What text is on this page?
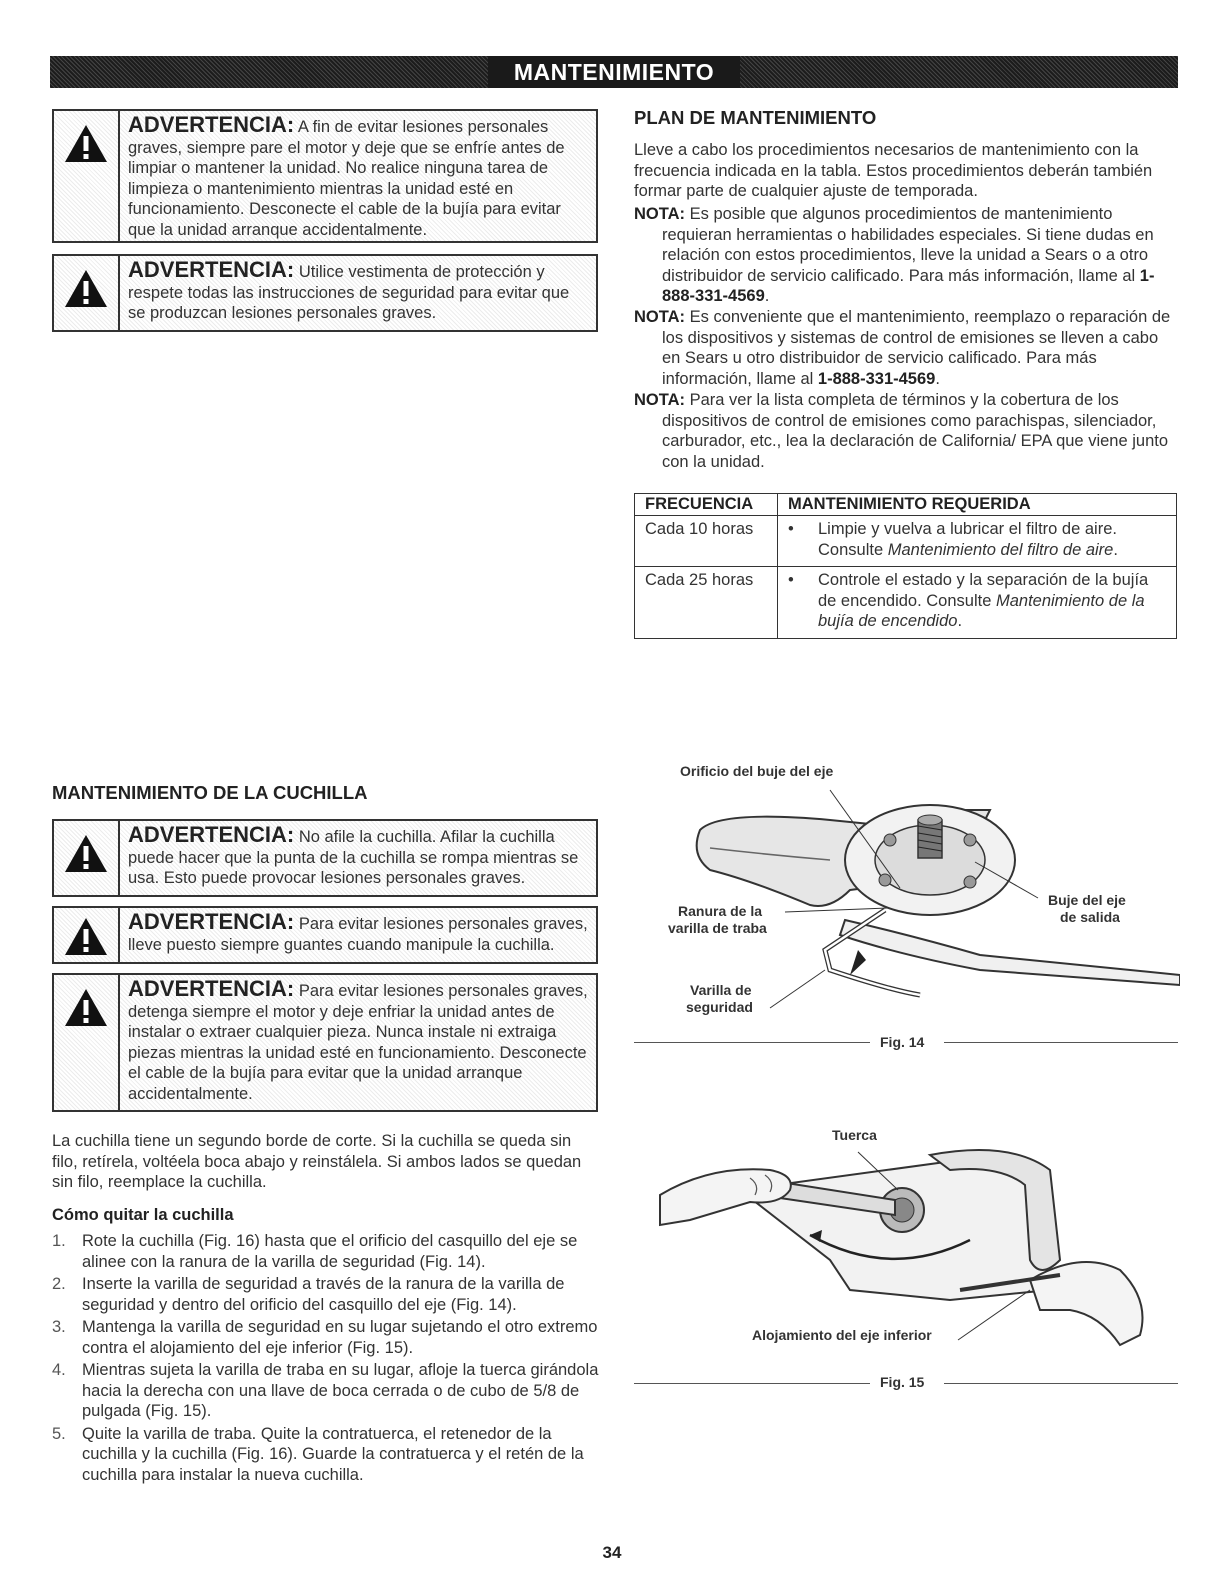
MANTENIMIENTO
ADVERTENCIA: A fin de evitar lesiones personales graves, siempre pare el motor y deje que se enfríe antes de limpiar o mantener la unidad. No realice ninguna tarea de limpieza o mantenimiento mientras la unidad esté en funcionamiento. Desconecte el cable de la bujía para evitar que la unidad arranque accidentalmente.
ADVERTENCIA: Utilice vestimenta de protección y respete todas las instrucciones de seguridad para evitar que se produzcan lesiones personales graves.
PLAN DE MANTENIMIENTO
Lleve a cabo los procedimientos necesarios de mantenimiento con la frecuencia indicada en la tabla. Estos procedimientos deberán también formar parte de cualquier ajuste de temporada.
NOTA: Es posible que algunos procedimientos de mantenimiento requieran herramientas o habilidades especiales. Si tiene dudas en relación con estos procedimientos, lleve la unidad a Sears o a otro distribuidor de servicio calificado. Para más información, llame al 1-888-331-4569.
NOTA: Es conveniente que el mantenimiento, reemplazo o reparación de los dispositivos y sistemas de control de emisiones se lleven a cabo en Sears u otro distribuidor de servicio calificado. Para más información, llame al 1-888-331-4569.
NOTA: Para ver la lista completa de términos y la cobertura de los dispositivos de control de emisiones como parachispas, silenciador, carburador, etc., lea la declaración de California/ EPA que viene junto con la unidad.
FRECUENCIA	MANTENIMIENTO REQUERIDA
Cada 10 horas	• Limpie y vuelva a lubricar el filtro de aire. Consulte Mantenimiento del filtro de aire.

Cada 25 horas	• Controle el estado y la separación de la bujía de encendido. Consulte Mantenimiento de la bujía de encendido.
MANTENIMIENTO DE LA CUCHILLA
ADVERTENCIA: No afile la cuchilla. Afilar la cuchilla puede hacer que la punta de la cuchilla se rompa mientras se usa. Esto puede provocar lesiones personales graves.
ADVERTENCIA: Para evitar lesiones personales graves, lleve puesto siempre guantes cuando manipule la cuchilla.
ADVERTENCIA: Para evitar lesiones personales graves, detenga siempre el motor y deje enfriar la unidad antes de instalar o extraer cualquier pieza. Nunca instale ni extraiga piezas mientras la unidad esté en funcionamiento. Desconecte el cable de la bujía para evitar que la unidad arranque accidentalmente.
La cuchilla tiene un segundo borde de corte. Si la cuchilla se queda sin filo, retírela, voltéela boca abajo y reinstálela. Si ambos lados se quedan sin filo, reemplace la cuchilla.
Cómo quitar la cuchilla
1. Rote la cuchilla (Fig. 16) hasta que el orificio del casquillo del eje se alinee con la ranura de la varilla de seguridad (Fig. 14).
2. Inserte la varilla de seguridad a través de la ranura de la varilla de seguridad y dentro del orificio del casquillo del eje (Fig. 14).
3. Mantenga la varilla de seguridad en su lugar sujetando el otro extremo contra el alojamiento del eje inferior (Fig. 15).
4. Mientras sujeta la varilla de traba en su lugar, afloje la tuerca girándola hacia la derecha con una llave de boca cerrada o de cubo de 5/8 de pulgada (Fig. 15).
5. Quite la varilla de traba. Quite la contratuerca, el retenedor de la cuchilla y la cuchilla (Fig. 16). Guarde la contratuerca y el retén de la cuchilla para instalar la nueva cuchilla.
Orificio del buje del eje
Buje del eje
de salida
Ranura de la
varilla de traba
Varilla de
seguridad
Fig. 14
Tuerca
Alojamiento del eje inferior
Fig. 15
34
